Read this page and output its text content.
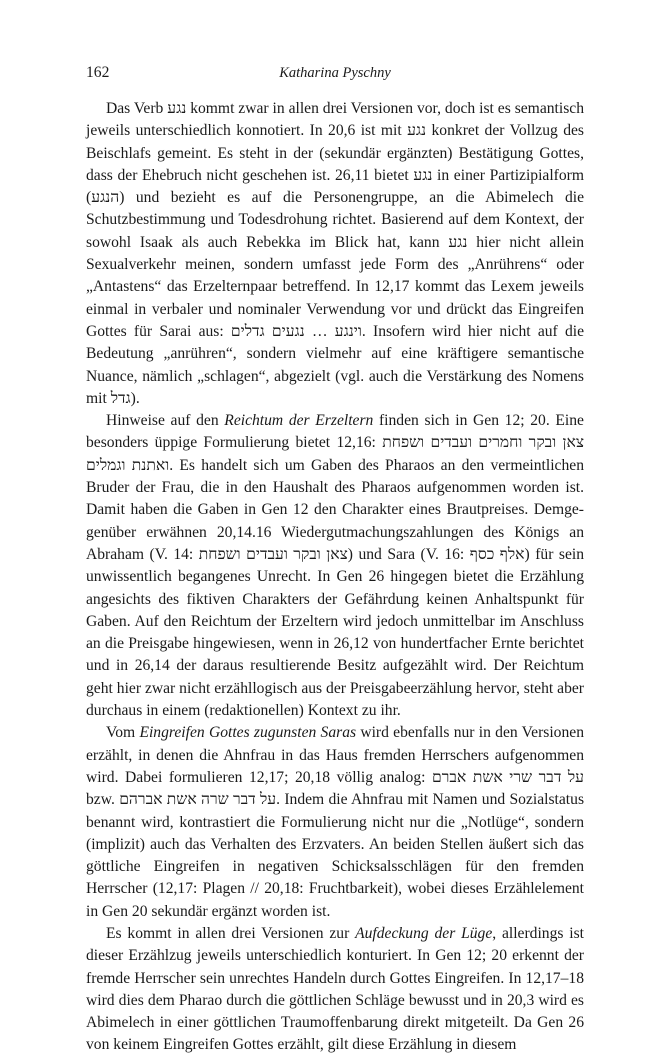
162	Katharina Pyschny

Das Verb נגע kommt zwar in allen drei Versionen vor, doch ist es semantisch jeweils unterschiedlich konnotiert. In 20,6 ist mit נגע konkret der Vollzug des Beischlafs gemeint. Es steht in der (sekundär ergänzten) Bestätigung Gottes, dass der Ehebruch nicht geschehen ist. 26,11 bietet נגע in einer Partizipialform (הנגע) und bezieht es auf die Personengruppe, an die Abimelech die Schutzbestimmung und Todesdrohung richtet. Basierend auf dem Kontext, der sowohl Isaak als auch Rebekka im Blick hat, kann נגע hier nicht allein Sexualverkehr meinen, sondern umfasst jede Form des „Anrührens“ oder „Antastens“ das Erzelternpaar betreffend. In 12,17 kommt das Lexem jeweils einmal in verbaler und nominaler Verwendung vor und drückt das Eingreifen Gottes für Sarai aus: וינגע … נגעים גדלים. Insofern wird hier nicht auf die Bedeutung „anrühren“, sondern vielmehr auf eine kräftigere semantische Nuance, nämlich „schlagen“, abgezielt (vgl. auch die Verstärkung des Nomens mit גדל).

Hinweise auf den Reichtum der Erzeltern finden sich in Gen 12; 20. Eine besonders üppige Formulierung bietet 12,16: צאן ובקר וחמרים ועבדים ושפחת ואתנת וגמלים. Es handelt sich um Gaben des Pharaos an den vermeintlichen Bruder der Frau, die in den Haushalt des Pharaos aufgenommen worden ist. Damit haben die Gaben in Gen 12 den Charakter eines Brautpreises. Demgegenüber erwähnen 20,14.16 Wiedergutmachungszahlungen des Königs an Abraham (V. 14: צאן ובקר ועבדים ושפחת) und Sara (V. 16: אלף כסף) für sein unwissentlich begangenes Unrecht. In Gen 26 hingegen bietet die Erzählung angesichts des fiktiven Charakters der Gefährdung keinen Anhaltspunkt für Gaben. Auf den Reichtum der Erzeltern wird jedoch unmittelbar im Anschluss an die Preisgabe hingewiesen, wenn in 26,12 von hundertfacher Ernte berichtet und in 26,14 der daraus resultierende Besitz aufgezählt wird. Der Reichtum geht hier zwar nicht erzähllogisch aus der Preisgabeerzählung hervor, steht aber durchaus in einem (redaktionellen) Kontext zu ihr.

Vom Eingreifen Gottes zugunsten Saras wird ebenfalls nur in den Versionen erzählt, in denen die Ahnfrau in das Haus fremden Herrschers aufgenommen wird. Dabei formulieren 12,17; 20,18 völlig analog: על דבר שרי אשת אברם bzw. על דבר שרה אשת אברהם. Indem die Ahnfrau mit Namen und Sozialstatus benannt wird, kontrastiert die Formulierung nicht nur die „Notlüge“, sondern (implizit) auch das Verhalten des Erzvaters. An beiden Stellen äußert sich das göttliche Eingreifen in negativen Schicksalsschlägen für den fremden Herrscher (12,17: Plagen // 20,18: Fruchtbarkeit), wobei dieses Erzählelement in Gen 20 sekundär ergänzt worden ist.

Es kommt in allen drei Versionen zur Aufdeckung der Lüge, allerdings ist dieser Erzählzug jeweils unterschiedlich konturiert. In Gen 12; 20 erkennt der fremde Herrscher sein unrechtes Handeln durch Gottes Eingreifen. In 12,17–18 wird dies dem Pharao durch die göttlichen Schläge bewusst und in 20,3 wird es Abimelech in einer göttlichen Traumoffenbarung direkt mitgeteilt. Da Gen 26 von keinem Eingreifen Gottes erzählt, gilt diese Erzählung in diesem
